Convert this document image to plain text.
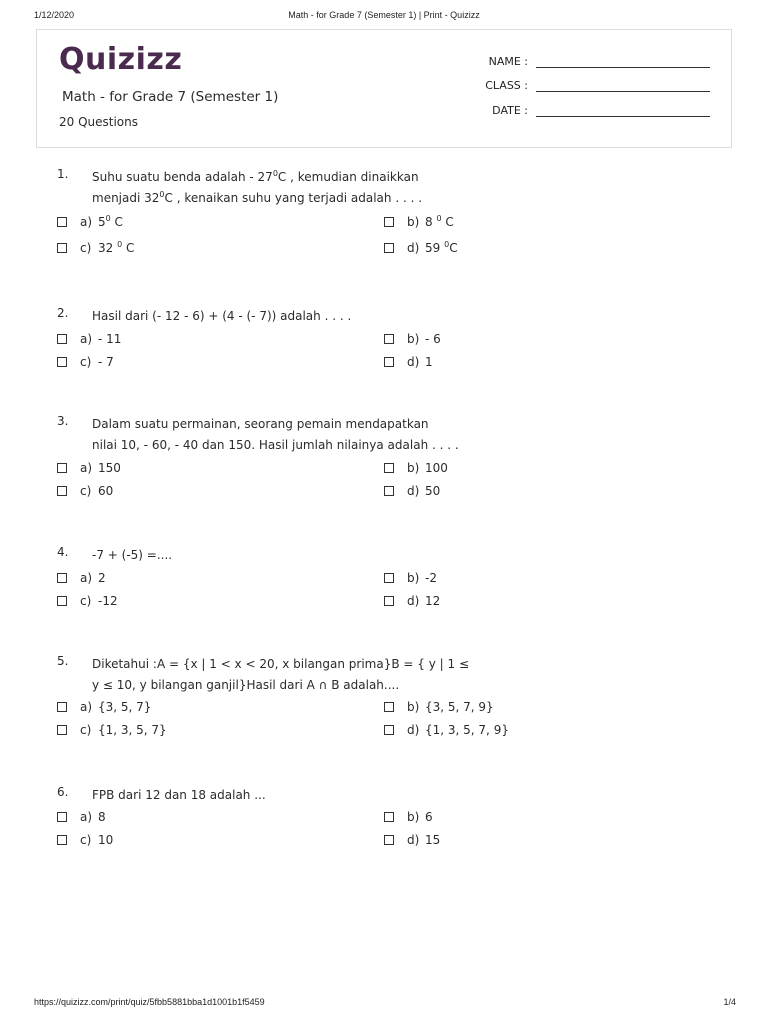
1/12/2020	Math - for Grade 7 (Semester 1) | Print - Quizizz
Quizizz
Math - for Grade 7 (Semester 1)
20 Questions
NAME :
CLASS :
DATE :
1. Suhu suatu benda adalah - $27^0C$ , kemudian dinaikkan
menjadi $32^0C$ , kenaikan suhu yang terjadi adalah . . . .
a) $5^0$ C	b) 8 $^0$ C
c) 32 $^0$ C	d) 59 $^0$C
2. Hasil dari (- 12 - 6) + (4 - (- 7)) adalah . . . .
a) - 11	b) - 6
c) - 7	d) 1
3. Dalam suatu permainan, seorang pemain mendapatkan
nilai 10, - 60, - 40 dan 150. Hasil jumlah nilainya adalah . . . .
a) 150	b) 100
c) 60	d) 50
4. -7 + (-5) =....
a) 2	b) -2
c) -12	d) 12
5. Diketahui :A = {x | 1 < x < 20, x bilangan prima}B = { y | 1 ≤
y ≤ 10, y bilangan ganjil}Hasil dari A ∩ B adalah....
a) {3, 5, 7}	b) {3, 5, 7, 9}
c) {1, 3, 5, 7}	d) {1, 3, 5, 7, 9}
6. FPB dari 12 dan 18 adalah ...
a) 8	b) 6
c) 10	d) 15
https://quizizz.com/print/quiz/5fbb5881bba1d1001b1f5459	1/4
